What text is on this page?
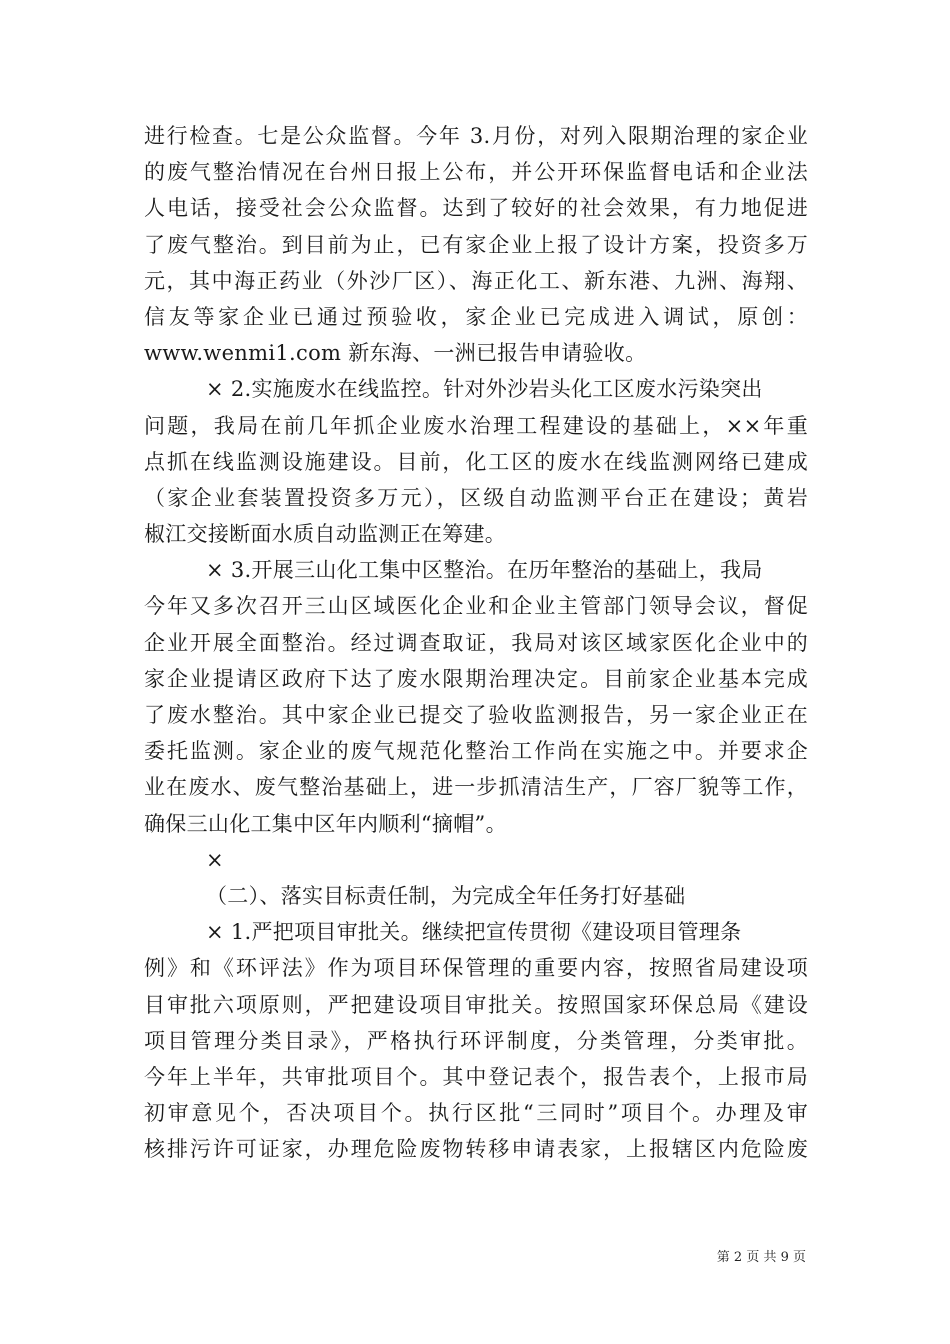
进行检查。七是公众监督。今年 3.月份，对列入限期治理的家企业
的废气整治情况在台州日报上公布，并公开环保监督电话和企业法
人电话，接受社会公众监督。达到了较好的社会效果，有力地促进
了废气整治。到目前为止，已有家企业上报了设计方案，投资多万
元，其中海正药业（外沙厂区）、海正化工、新东港、九洲、海翔、
信友等家企业已通过预验收，家企业已完成进入调试，原创：
www.wenmi1.com 新东海、一洲已报告申请验收。
× 2.实施废水在线监控。针对外沙岩头化工区废水污染突出
问题，我局在前几年抓企业废水治理工程建设的基础上，××年重
点抓在线监测设施建设。目前，化工区的废水在线监测网络已建成
（家企业套装置投资多万元），区级自动监测平台正在建设；黄岩
椒江交接断面水质自动监测正在筹建。
× 3.开展三山化工集中区整治。在历年整治的基础上，我局
今年又多次召开三山区域医化企业和企业主管部门领导会议，督促
企业开展全面整治。经过调查取证，我局对该区域家医化企业中的
家企业提请区政府下达了废水限期治理决定。目前家企业基本完成
了废水整治。其中家企业已提交了验收监测报告，另一家企业正在
委托监测。家企业的废气规范化整治工作尚在实施之中。并要求企
业在废水、废气整治基础上，进一步抓清洁生产，厂容厂貌等工作，
确保三山化工集中区年内顺利“摘帽”。
×
（二）、落实目标责任制，为完成全年任务打好基础
× 1.严把项目审批关。继续把宣传贯彻《建设项目管理条
例》和《环评法》作为项目环保管理的重要内容，按照省局建设项
目审批六项原则，严把建设项目审批关。按照国家环保总局《建设
项目管理分类目录》，严格执行环评制度，分类管理，分类审批。
今年上半年，共审批项目个。其中登记表个，报告表个，上报市局
初审意见个，否决项目个。执行区批“三同时”项目个。办理及审
核排污许可证家，办理危险废物转移申请表家，上报辖区内危险废
第 2 页 共 9 页
